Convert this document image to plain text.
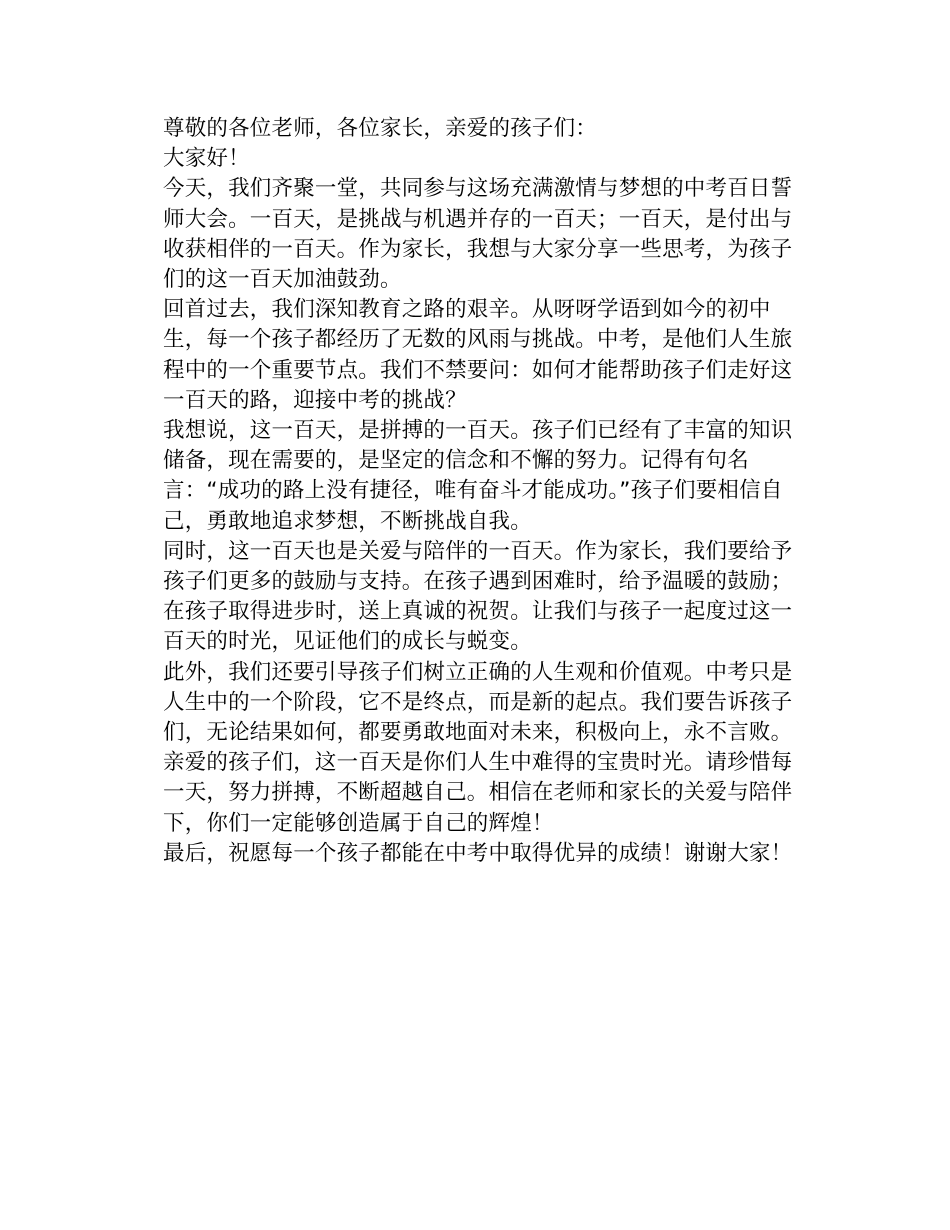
尊敬的各位老师，各位家长，亲爱的孩子们：

大家好！

今天，我们齐聚一堂，共同参与这场充满激情与梦想的中考百日誓师大会。一百天，是挑战与机遇并存的一百天；一百天，是付出与收获相伴的一百天。作为家长，我想与大家分享一些思考，为孩子们的这一百天加油鼓劲。

回首过去，我们深知教育之路的艰辛。从呀呀学语到如今的初中生，每一个孩子都经历了无数的风雨与挑战。中考，是他们人生旅程中的一个重要节点。我们不禁要问：如何才能帮助孩子们走好这一百天的路，迎接中考的挑战？

我想说，这一百天，是拼搏的一百天。孩子们已经有了丰富的知识储备，现在需要的，是坚定的信念和不懈的努力。记得有句名言：“成功的路上没有捷径，唯有奋斗才能成功。”孩子们要相信自己，勇敢地追求梦想，不断挑战自我。

同时，这一百天也是关爱与陪伴的一百天。作为家长，我们要给予孩子们更多的鼓励与支持。在孩子遇到困难时，给予温暖的鼓励；在孩子取得进步时，送上真诚的祝贺。让我们与孩子一起度过这一百天的时光，见证他们的成长与蜕变。

此外，我们还要引导孩子们树立正确的人生观和价值观。中考只是人生中的一个阶段，它不是终点，而是新的起点。我们要告诉孩子们，无论结果如何，都要勇敢地面对未来，积极向上，永不言败。

亲爱的孩子们，这一百天是你们人生中难得的宝贵时光。请珍惜每一天，努力拼搏，不断超越自己。相信在老师和家长的关爱与陪伴下，你们一定能够创造属于自己的辉煌！

最后，祝愿每一个孩子都能在中考中取得优异的成绩！谢谢大家！
